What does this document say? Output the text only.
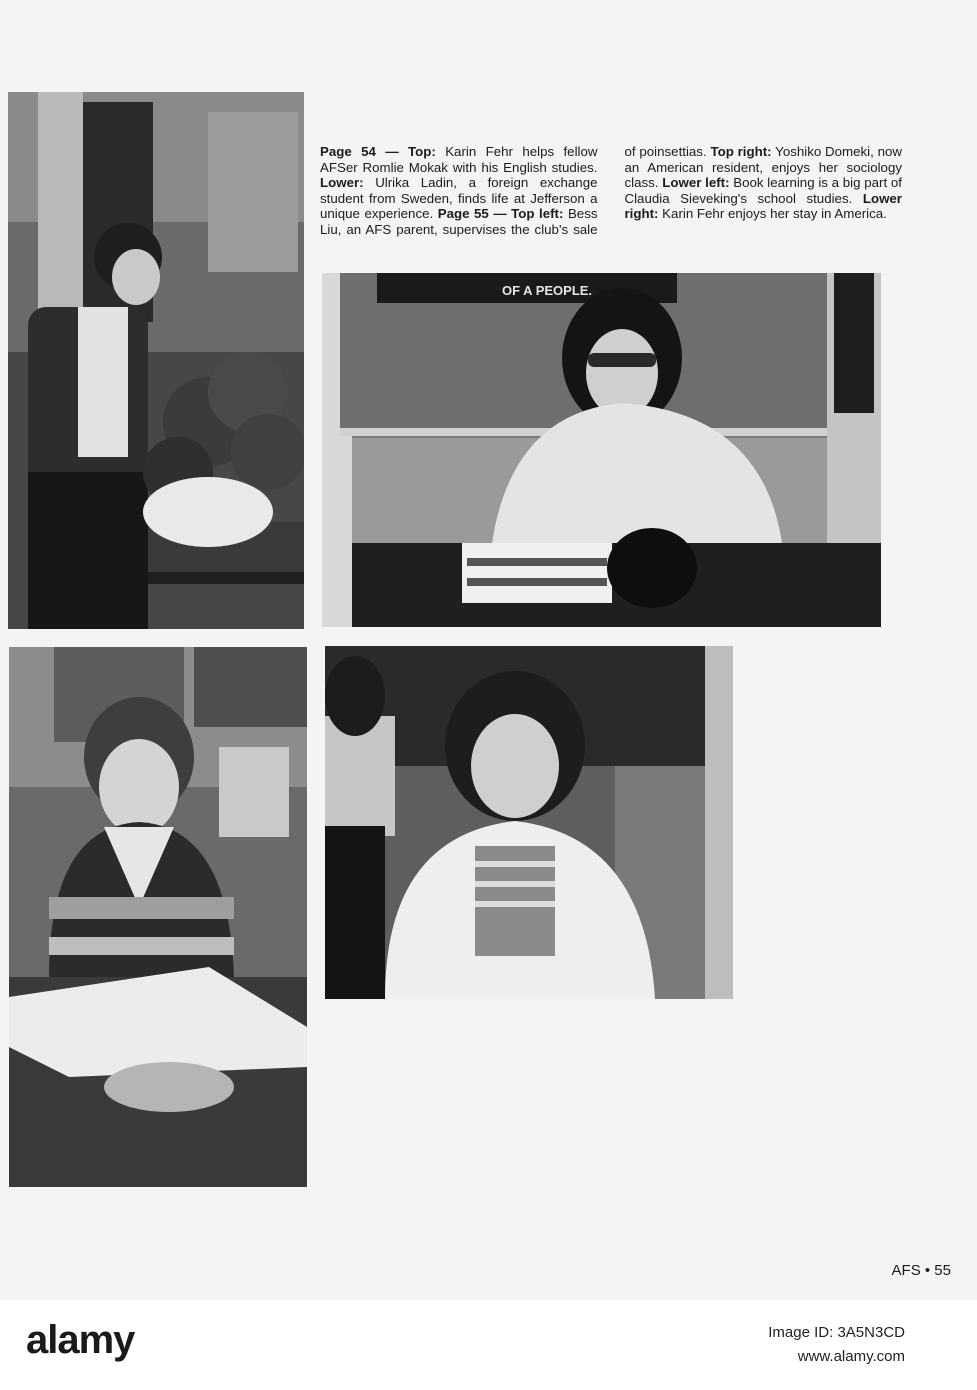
Page 54 — Top: Karin Fehr helps fellow AFSer Romlie Mokak with his English studies. Lower: Ulrika Ladin, a foreign exchange student from Sweden, finds life at Jefferson a unique experience. Page 55 — Top left: Bess Liu, an AFS parent, supervises the club's sale of poinsettias. Top right: Yoshiko Domeki, now an American resident, enjoys her sociology class. Lower left: Book learning is a big part of Claudia Sieveking's school studies. Lower right: Karin Fehr enjoys her stay in America.
OF A PEOPLE.
AFS • 55
alamy	Image ID: 3A5N3CD
www.alamy.com
